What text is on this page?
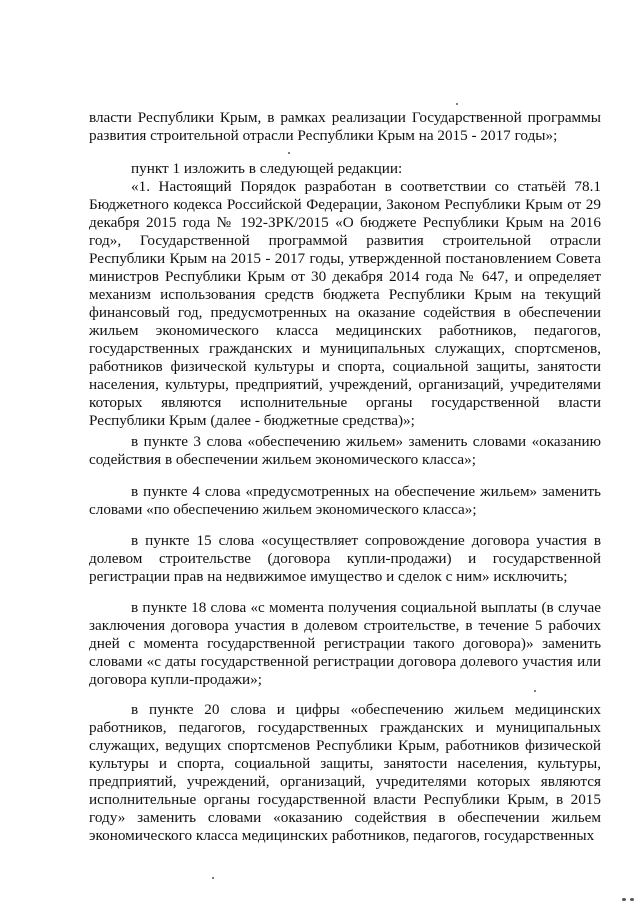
власти Республики Крым, в рамках реализации Государственной программы развития строительной отрасли Республики Крым на 2015 - 2017 годы»;

пункт 1 изложить в следующей редакции:

«1. Настоящий Порядок разработан в соответствии со статьёй 78.1 Бюджетного кодекса Российской Федерации, Законом Республики Крым от 29 декабря 2015 года № 192-ЗРК/2015 «О бюджете Республики Крым на 2016 год», Государственной программой развития строительной отрасли Республики Крым на 2015 - 2017 годы, утвержденной постановлением Совета министров Республики Крым от 30 декабря 2014 года № 647, и определяет механизм использования средств бюджета Республики Крым на текущий финансовый год, предусмотренных на оказание содействия в обеспечении жильем экономического класса медицинских работников, педагогов, государственных гражданских и муниципальных служащих, спортсменов, работников физической культуры и спорта, социальной защиты, занятости населения, культуры, предприятий, учреждений, организаций, учредителями которых являются исполнительные органы государственной власти Республики Крым (далее - бюджетные средства)»;

в пункте 3 слова «обеспечению жильем» заменить словами «оказанию содействия в обеспечении жильем экономического класса»;

в пункте 4 слова «предусмотренных на обеспечение жильем» заменить словами «по обеспечению жильем экономического класса»;

в пункте 15 слова «осуществляет сопровождение договора участия в долевом строительстве (договора купли-продажи) и государственной регистрации прав на недвижимое имущество и сделок с ним» исключить;

в пункте 18 слова «с момента получения социальной выплаты (в случае заключения договора участия в долевом строительстве, в течение 5 рабочих дней с момента государственной регистрации такого договора)» заменить словами «с даты государственной регистрации договора долевого участия или договора купли-продажи»;

в пункте 20 слова и цифры «обеспечению жильем медицинских работников, педагогов, государственных гражданских и муниципальных служащих, ведущих спортсменов Республики Крым, работников физической культуры и спорта, социальной защиты, занятости населения, культуры, предприятий, учреждений, организаций, учредителями которых являются исполнительные органы государственной власти Республики Крым, в 2015 году» заменить словами «оказанию содействия в обеспечении жильем экономического класса медицинских работников, педагогов, государственных
